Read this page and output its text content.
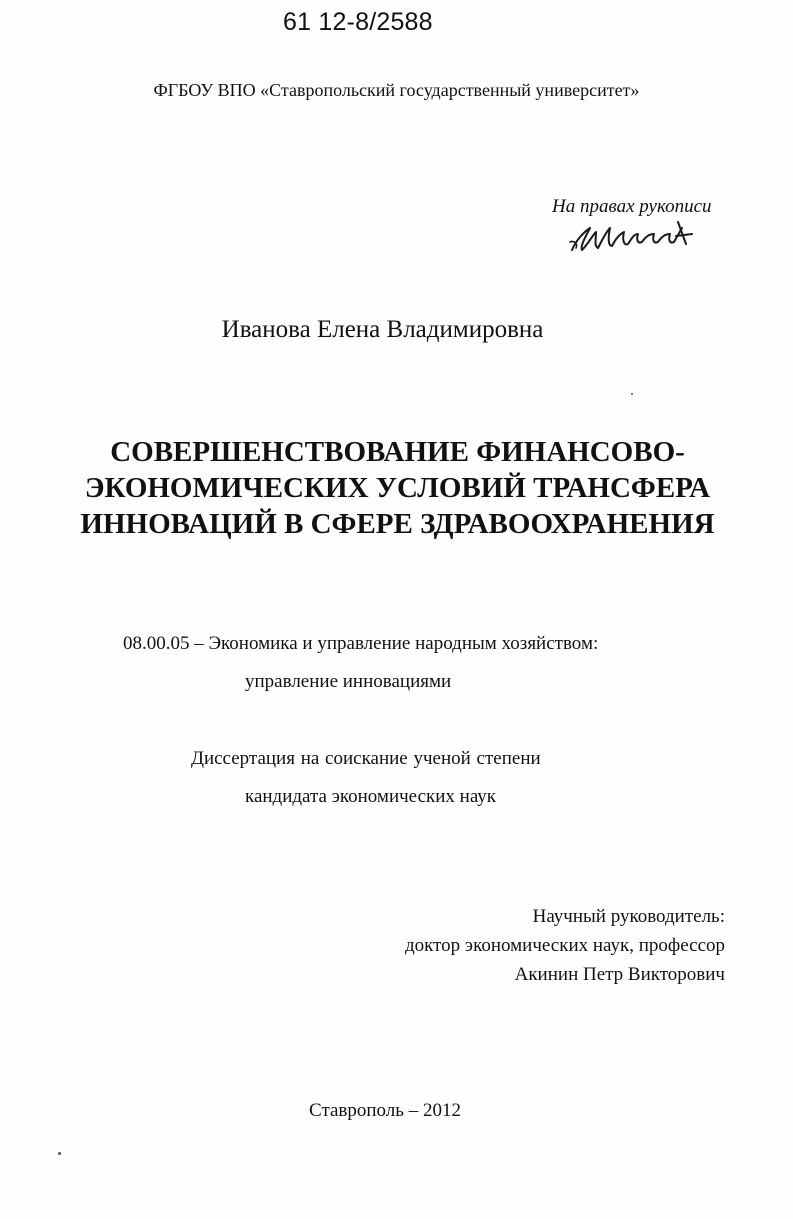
61 12-8/2588
ФГБОУ ВПО «Ставропольский государственный университет»
На правах рукописи
Иванова Елена Владимировна
СОВЕРШЕНСТВОВАНИЕ ФИНАНСОВО-
ЭКОНОМИЧЕСКИХ УСЛОВИЙ ТРАНСФЕРА
ИННОВАЦИЙ В СФЕРЕ ЗДРАВООХРАНЕНИЯ
08.00.05 – Экономика и управление народным хозяйством:
управление инновациями
Диссертация на соискание ученой степени
кандидата экономических наук
Научный руководитель:
доктор экономических наук, профессор
Акинин Петр Викторович
Ставрополь – 2012
